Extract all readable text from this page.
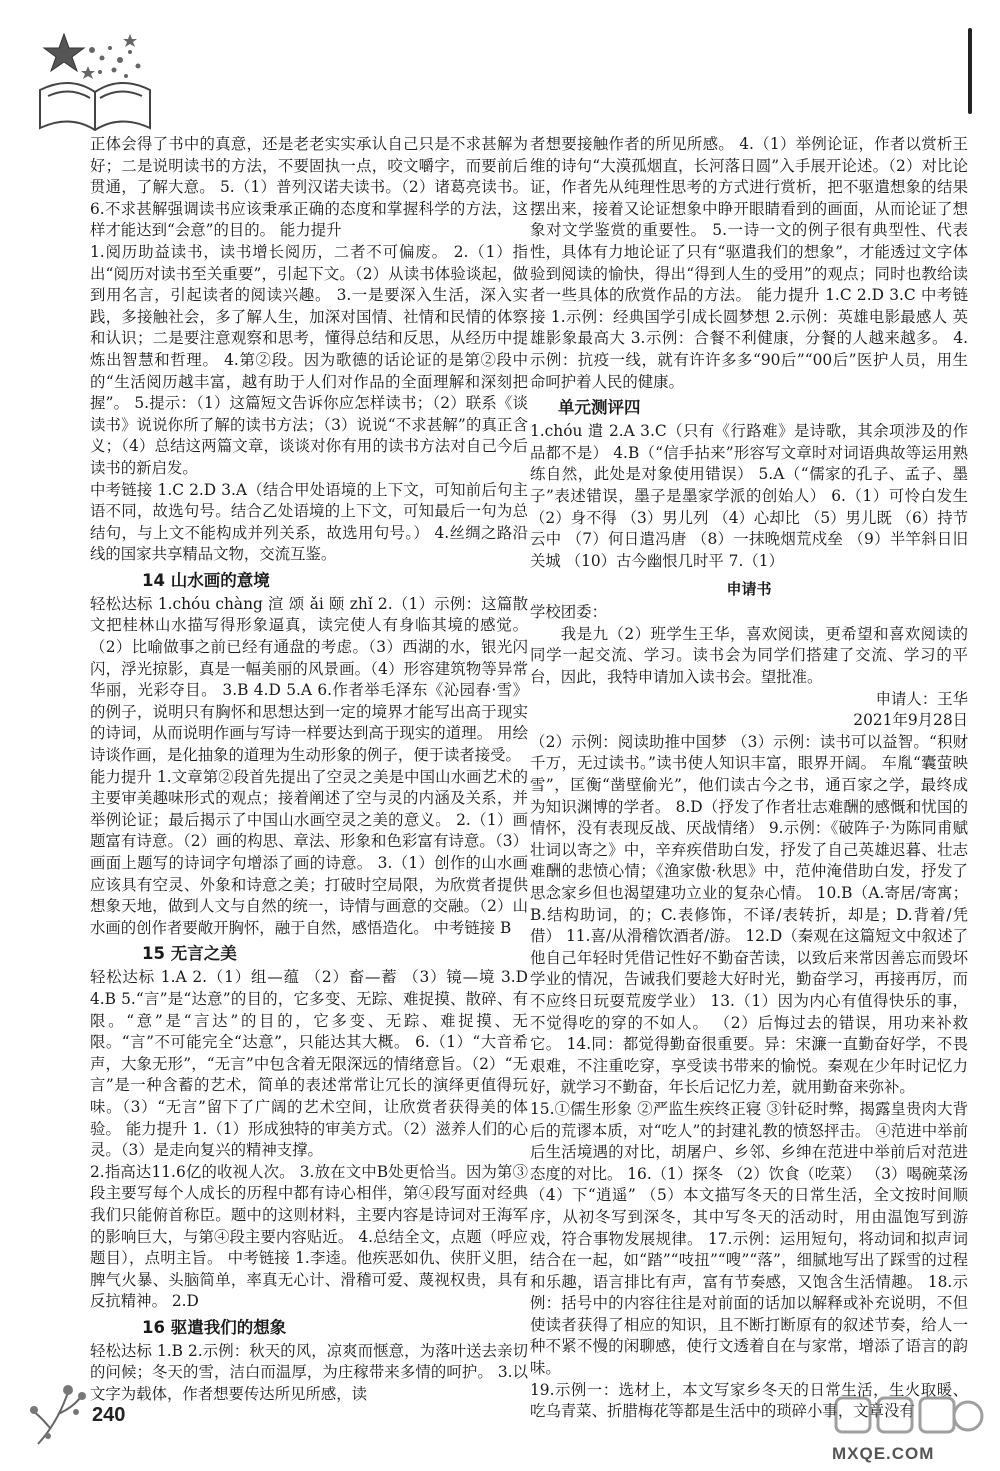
正体会得了书中的真意，还是老老实实承认自己只是不求甚解为好；二是说明读书的方法，不要固执一点，咬文嚼字，而要前后贯通，了解大意。 5.（1）普列汉诺夫读书。（2）诸葛亮读书。 6.不求甚解强调读书应该秉承正确的态度和掌握科学的方法，这样才能达到“会意”的目的。 能力提升

1.阅历助益读书，读书增长阅历，二者不可偏废。 2.（1）指出“阅历对读书至关重要”，引起下文。（2）从读书体验谈起，做到用名言，引起读者的阅读兴趣。 3.一是要深入生活，深入实践，多接触社会，多了解人生，加深对国情、社情和民情的体察和认识；二是要注意观察和思考，懂得总结和反思，从经历中提炼出智慧和哲理。 4.第②段。因为歌德的话论证的是第②段中的“生活阅历越丰富，越有助于人们对作品的全面理解和深刻把握”。 5.提示：（1）这篇短文告诉你应怎样读书；（2）联系《谈读书》说说你所了解的读书方法；（3）说说“不求甚解”的真正含义；（4）总结这两篇文章，谈谈对你有用的读书方法对自己今后读书的新启发。

中考链接 1.C 2.D 3.A（结合甲处语境的上下文，可知前后句主语不同，故选句号。结合乙处语境的上下文，可知最后一句为总结句，与上文不能构成并列关系，故选用句号。） 4.丝绸之路沿线的国家共享精品文物，交流互鉴。

14 山水画的意境

轻松达标 1.chóu chàng 渲 颂 ǎi 颐 zhǐ 2.（1）示例：这篇散文把桂林山水描写得形象逼真，读完使人有身临其境的感觉。（2）比喻做事之前已经有通盘的考虑。（3）西湖的水，银光闪闪，浮光掠影，真是一幅美丽的风景画。（4）形容建筑物等异常华丽，光彩夺目。 3.B 4.D 5.A 6.作者举毛泽东《沁园春·雪》的例子，说明只有胸怀和思想达到一定的境界才能写出高于现实的诗词，从而说明作画与写诗一样要达到高于现实的道理。 用绘诗谈作画，是化抽象的道理为生动形象的例子，便于读者接受。

能力提升 1.文章第②段首先提出了空灵之美是中国山水画艺术的主要审美趣味形式的观点；接着阐述了空与灵的内涵及关系，并举例论证；最后揭示了中国山水画空灵之美的意义。 2.（1）画题富有诗意。（2）画的构思、章法、形象和色彩富有诗意。（3）画面上题写的诗词字句增添了画的诗意。 3.（1）创作的山水画应该具有空灵、外象和诗意之美；打破时空局限，为欣赏者提供想象天地，做到人文与自然的统一，诗情与画意的交融。（2）山水画的创作者要敞开胸怀，融于自然，感悟造化。 中考链接 B

15 无言之美

轻松达标 1.A 2.（1）组—蕴 （2）畜—蓄 （3）镜—境 3.D 4.B 5.“言”是“达意”的目的，它多变、无踪、难捉摸、散碎、有限。“意”是“言达”的目的，它多变、无踪、难捉摸、无限。“言”不可能完全“达意”，只能达其大概。 6.（1）“大音希声，大象无形”，“无言”中包含着无限深远的情绪意旨。（2）“无言”是一种含蓄的艺术，简单的表述常常让冗长的演绎更值得玩味。（3）“无言”留下了广阔的艺术空间，让欣赏者获得美的体验。 能力提升 1.（1）形成独特的审美方式。（2）滋养人们的心灵。（3）是走向复兴的精神支撑。

2.指高达11.6亿的收视人次。 3.放在文中B处更恰当。因为第③段主要写每个人成长的历程中都有诗心相伴，第④段写面对经典我们只能俯首称臣。题中的这则材料，主要内容是诗词对王海军的影响巨大，与第④段主要内容贴近。 4.总结全文，点题（呼应题目），点明主旨。 中考链接 1.李逵。他疾恶如仇、侠肝义胆，脾气火暴、头脑简单，率真无心计、滑稽可爱、蔑视权贵，具有反抗精神。 2.D

16 驱遣我们的想象

轻松达标 1.B 2.示例：秋天的风，凉爽而惬意，为落叶送去亲切的问候；冬天的雪，洁白而温厚，为庄稼带来多情的呵护。 3.以文字为载体，作者想要传达所见所感，读

者想要接触作者的所见所感。 4.（1）举例论证，作者以赏析王维的诗句“大漠孤烟直，长河落日圆”入手展开论述。（2）对比论证，作者先从纯理性思考的方式进行赏析，把不驱遣想象的结果摆出来，接着又论证想象中睁开眼睛看到的画面，从而论证了想象对文学鉴赏的重要性。 5.一诗一文的例子很有典型性、代表性，具体有力地论证了只有“驱遣我们的想象”，才能透过文字体验到阅读的愉快，得出“得到人生的受用”的观点；同时也教给读者一些具体的欣赏作品的方法。 能力提升 1.C 2.D 3.C 中考链接 1.示例：经典国学引成长圆梦想 2.示例：英雄电影最感人 英雄影象最高大 3.示例：合餐不利健康，分餐的人越来越多。 4.示例：抗疫一线，就有许许多多“90后”“00后”医护人员，用生命呵护着人民的健康。

单元测评四

1.chóu 遣 2.A 3.C（只有《行路难》是诗歌，其余项涉及的作品都不是） 4.B（“信手拈来”形容写文章时对词语典故等运用熟练自然，此处是对象使用错误） 5.A（“儒家的孔子、孟子、墨子”表述错误，墨子是墨家学派的创始人） 6.（1）可怜白发生 （2）身不得 （3）男儿列 （4）心却比 （5）男儿既 （6）持节云中 （7）何日遣冯唐 （8）一抹晚烟荒戍垒 （9）半竿斜日旧关城 （10）古今幽恨几时平 7.（1）

申请书

学校团委：

我是九（2）班学生王华，喜欢阅读，更希望和喜欢阅读的同学一起交流、学习。读书会为同学们搭建了交流、学习的平台，因此，我特申请加入读书会。望批准。

申请人：王华

2021年9月28日

（2）示例：阅读助推中国梦 （3）示例：读书可以益智。“积财千万，无过读书。”读书使人知识丰富，眼界开阔。 车胤“囊萤映雪”，匡衡“凿壁偷光”，他们读古今之书，通百家之学，最终成为知识渊博的学者。 8.D（抒发了作者壮志难酬的感慨和忧国的情怀，没有表现反战、厌战情绪） 9.示例：《破阵子·为陈同甫赋壮词以寄之》中，辛弃疾借助白发，抒发了自己英雄迟暮、壮志难酬的悲愤心情；《渔家傲·秋思》中，范仲淹借助白发，抒发了思念家乡但也渴望建功立业的复杂心情。 10.B（A.寄居/寄寓；B.结构助词，的；C.表修饰，不译/表转折，却是；D.背着/凭借） 11.喜/从滑稽饮酒者/游。 12.D（秦观在这篇短文中叙述了他自己年轻时凭借记性好不勤奋苦读，以致后来常因善忘而毁坏学业的情况，告诫我们要趁大好时光，勤奋学习，再接再厉，而不应终日玩耍荒废学业） 13.（1）因为内心有值得快乐的事，不觉得吃的穿的不如人。 （2）后悔过去的错误，用功来补救它。 14.同：都觉得勤奋很重要。异：宋濂一直勤奋好学，不畏艰难，不注重吃穿，享受读书带来的愉悦。秦观在少年时记忆力好，就学习不勤奋，年长后记忆力差，就用勤奋来弥补。

15.①儒生形象 ②严监生疾终正寝 ③针砭时弊，揭露皇贵肉大背后的荒谬本质，对“吃人”的封建礼教的愤怒抨击。 ④范进中举前后生活境遇的对比，胡屠户、乡邻、乡绅在范进中举前后对范进态度的对比。 16.（1）探冬 （2）饮食（吃菜） （3）喝碗菜汤 （4）下“逍遥” （5）本文描写冬天的日常生活，全文按时间顺序，从初冬写到深冬，其中写冬天的活动时，用由温饱写到游戏，符合事物发展规律。 17.示例：运用短句，将动词和拟声词结合在一起，如“踏”“吱扭”“嗖”“落”，细腻地写出了踩雪的过程和乐趣，语言排比有声，富有节奏感，又饱含生活情趣。 18.示例：括号中的内容往往是对前面的话加以解释或补充说明，不但使读者获得了相应的知识，且不断打断原有的叙述节奏，给人一种不紧不慢的闲聊感，使行文透着自在与家常，增添了语言的韵味。

19.示例一：选材上，本文写家乡冬天的日常生活，生火取暖、吃乌青菜、折腊梅花等都是生活中的琐碎小事，文章没有

240
MXQE.COM
